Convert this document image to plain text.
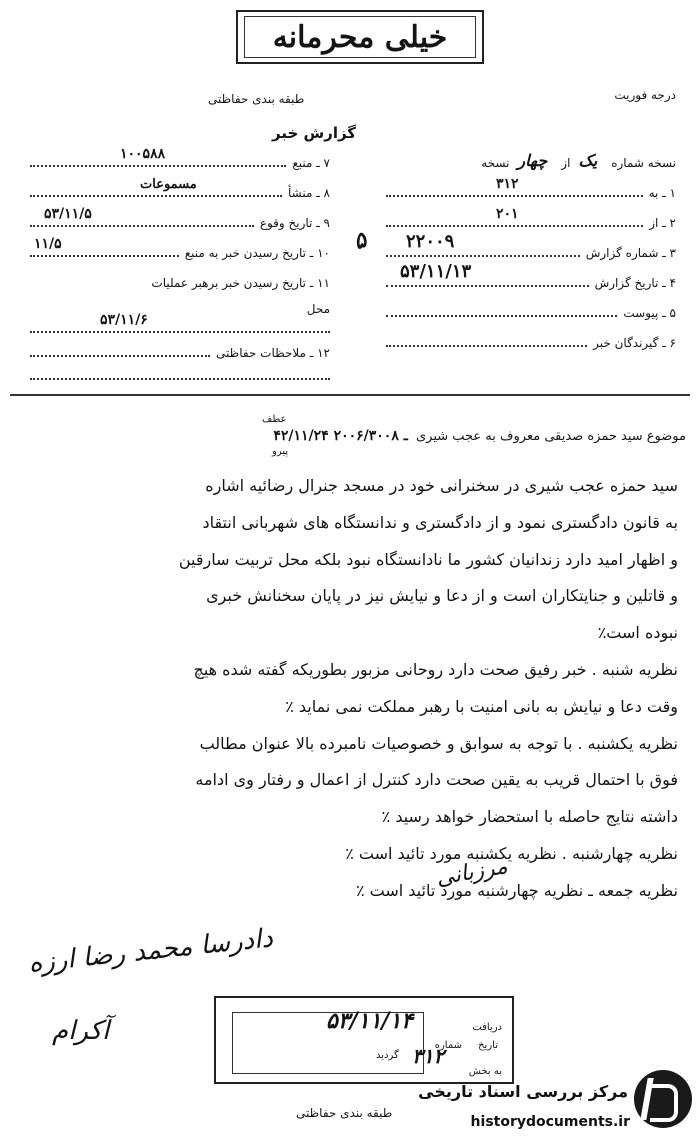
خیلی محرمانه
طبقه بندی حفاظتی	درجه فوریت
گزارش خبر
نسخه شماره
یک
از
چهار
نسخه
۱ ـ به
۳۱۲
۲ ـ از
۲۰۱
۳ ـ شماره گزارش
۲۲۰۰۹
۴ ـ تاریخ گزارش
۵۳/۱۱/۱۳
۵ ـ پیوست
۶ ـ گیرندگان خبر
۵
۷ ـ منبع
۱۰۰۵۸۸
۸ ـ منشأ
مسموعات
۹ ـ تاریخ وقوع
۵۳/۱۱/۵
۱۰ ـ تاریخ رسیدن خبر به منبع
۱۱/۵
۱۱ ـ تاریخ رسیدن خبر برهبر عملیات
محل
۵۳/۱۱/۶
۱۲ ـ ملاحظات حفاظتی
عطف
پیرو
موضوع سید حمزه صدیقی معروف به عجب شیری ۴۲/۱۱/۲۴ ـ ۲۰۰۶/۳۰۰۸

سید حمزه عجب شیری در سخنرانی خود در مسجد جنرال رضائیه اشاره

به قانون دادگستری نمود و از دادگستری و ندانستگاه های شهربانی انتقاد

و اظهار امید دارد زندانیان کشور ما نادانستگاه نبود بلکه محل تربیت سارقین

و قاتلین و جنایتکاران است و از دعا و نیایش نیز در پایان سخنانش خبری

نبوده است٪

نظریه شنبه . خبر رفیق صحت دارد روحانی مزبور بطوریکه گفته شده هیچ

وقت دعا و نیایش به بانی امنیت با رهبر مملکت نمی نماید ٪

نظریه یکشنبه . با توجه به سوابق و خصوصیات نامبرده بالا عنوان مطالب

فوق با احتمال قریب به یقین صحت دارد کنترل از اعمال و رفتار وی ادامه

داشته نتایج حاصله با استحضار خواهد رسید ٪

نظریه چهارشنبه . نظریه یکشنبه مورد تائید است ٪

نظریه جمعه ـ نظریه چهارشنبه مورد تائید است ٪

مرزبانی
دادرسا محمد رضا ارزه
آکرام	دریافت
شماره تاریخ
گردید
به بخش
۵۳/۱۱/۱۴
۳۱۲
طبقه بندی حفاظتی
مرکز بررسی اسناد تاریخی
historydocuments.ir
